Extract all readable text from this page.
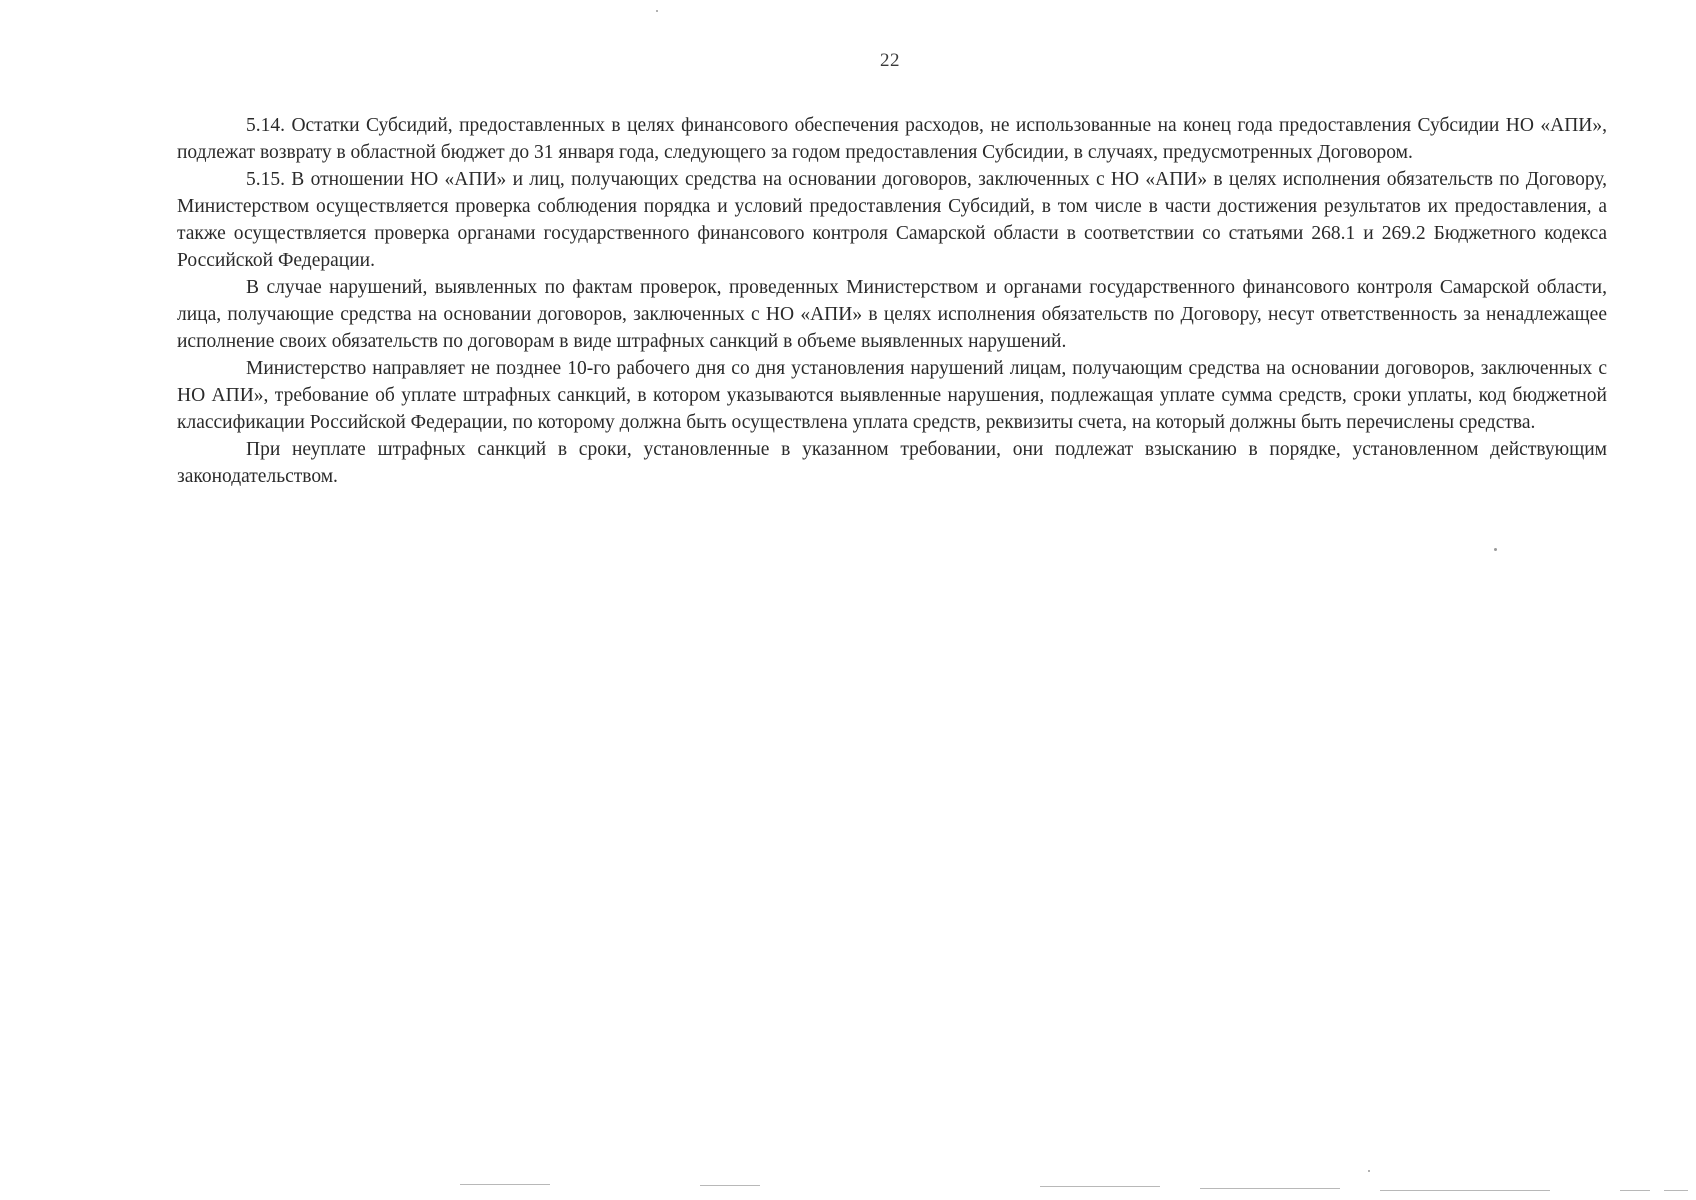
22

5.14. Остатки Субсидий, предоставленных в целях финансового обеспечения расходов, не использованные на конец года предоставления Субсидии НО «АПИ», подлежат возврату в областной бюджет до 31 января года, следующего за годом предоставления Субсидии, в случаях, предусмотренных Договором.

5.15. В отношении НО «АПИ» и лиц, получающих средства на основании договоров, заключенных с НО «АПИ» в целях исполнения обязательств по Договору, Министерством осуществляется проверка соблюдения порядка и условий предоставления Субсидий, в том числе в части достижения результатов их предоставления, а также осуществляется проверка органами государственного финансового контроля Самарской области в соответствии со статьями 268.1 и 269.2 Бюджетного кодекса Российской Федерации.

В случае нарушений, выявленных по фактам проверок, проведенных Министерством и органами государственного финансового контроля Самарской области, лица, получающие средства на основании договоров, заключенных с НО «АПИ» в целях исполнения обязательств по Договору, несут ответственность за ненадлежащее исполнение своих обязательств по договорам в виде штрафных санкций в объеме выявленных нарушений.

Министерство направляет не позднее 10-го рабочего дня со дня установления нарушений лицам, получающим средства на основании договоров, заключенных с НО АПИ», требование об уплате штрафных санкций, в котором указываются выявленные нарушения, подлежащая уплате сумма средств, сроки уплаты, код бюджетной классификации Российской Федерации, по которому должна быть осуществлена уплата средств, реквизиты счета, на который должны быть перечислены средства.

При неуплате штрафных санкций в сроки, установленные в указанном требовании, они подлежат взысканию в порядке, установленном действующим законодательством.
